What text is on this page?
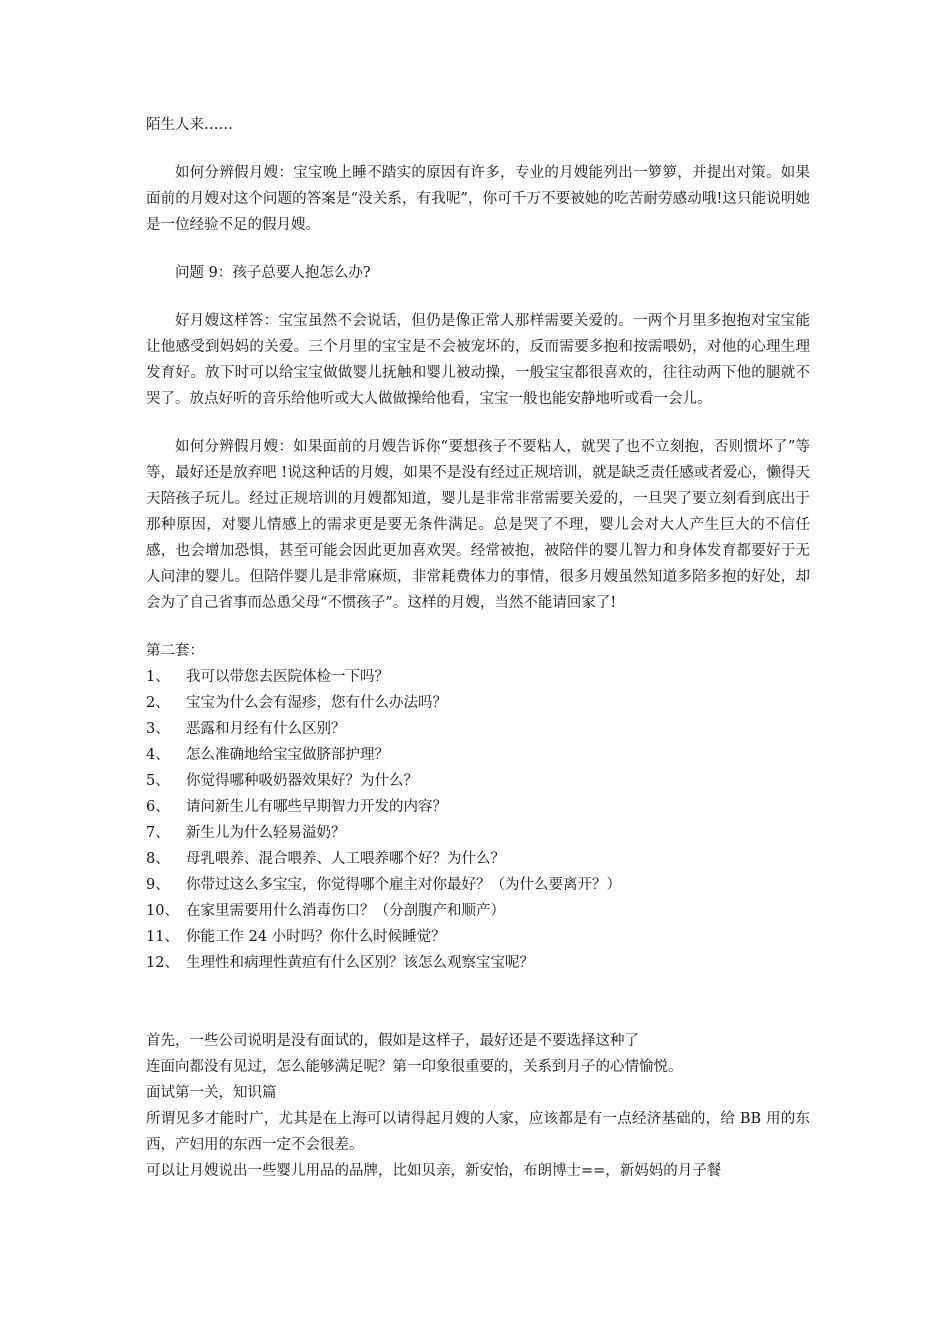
陌生人来……

如何分辨假月嫂：宝宝晚上睡不踏实的原因有许多，专业的月嫂能列出一箩箩，并提出对策。如果面前的月嫂对这个问题的答案是“没关系，有我呢”，你可千万不要被她的吃苦耐劳感动哦!这只能说明她是一位经验不足的假月嫂。

问题 9：孩子总要人抱怎么办?

好月嫂这样答：宝宝虽然不会说话，但仍是像正常人那样需要关爱的。一两个月里多抱抱对宝宝能让他感受到妈妈的关爱。三个月里的宝宝是不会被宠坏的，反而需要多抱和按需喂奶，对他的心理生理发育好。放下时可以给宝宝做做婴儿抚触和婴儿被动操，一般宝宝都很喜欢的，往往动两下他的腿就不哭了。放点好听的音乐给他听或大人做做操给他看，宝宝一般也能安静地听或看一会儿。

如何分辨假月嫂：如果面前的月嫂告诉你“要想孩子不要粘人，就哭了也不立刻抱，否则惯坏了”等等，最好还是放弃吧 !说这种话的月嫂，如果不是没有经过正规培训，就是缺乏责任感或者爱心，懒得天天陪孩子玩儿。经过正规培训的月嫂都知道，婴儿是非常非常需要关爱的，一旦哭了要立刻看到底出于那种原因，对婴儿情感上的需求更是要无条件满足。总是哭了不理，婴儿会对大人产生巨大的不信任感，也会增加恐惧，甚至可能会因此更加喜欢哭。经常被抱，被陪伴的婴儿智力和身体发育都要好于无人问津的婴儿。但陪伴婴儿是非常麻烦，非常耗费体力的事情，很多月嫂虽然知道多陪多抱的好处，却会为了自己省事而怂恿父母“不惯孩子”。这样的月嫂，当然不能请回家了!

第二套：

1、	我可以带您去医院体检一下吗？
2、	宝宝为什么会有湿疹，您有什么办法吗？
3、	恶露和月经有什么区别？
4、	怎么准确地给宝宝做脐部护理？
5、	你觉得哪种吸奶器效果好？为什么？
6、	请问新生儿有哪些早期智力开发的内容？
7、	新生儿为什么轻易溢奶？
8、	母乳喂养、混合喂养、人工喂养哪个好？为什么？
9、	你带过这么多宝宝，你觉得哪个雇主对你最好？（为什么要离开？）
10、 在家里需要用什么消毒伤口？（分剖腹产和顺产）
11、 你能工作 24 小时吗？你什么时候睡觉？
12、 生理性和病理性黄疸有什么区别？该怎么观察宝宝呢？

首先，一些公司说明是没有面试的，假如是这样子，最好还是不要选择这种了

连面向都没有见过，怎么能够满足呢？第一印象很重要的，关系到月子的心情愉悦。

面试第一关，知识篇

所谓见多才能时广，尤其是在上海可以请得起月嫂的人家，应该都是有一点经济基础的，给 BB 用的东西，产妇用的东西一定不会很差。

可以让月嫂说出一些婴儿用品的品牌，比如贝亲，新安怡，布朗博士==，新妈妈的月子餐
